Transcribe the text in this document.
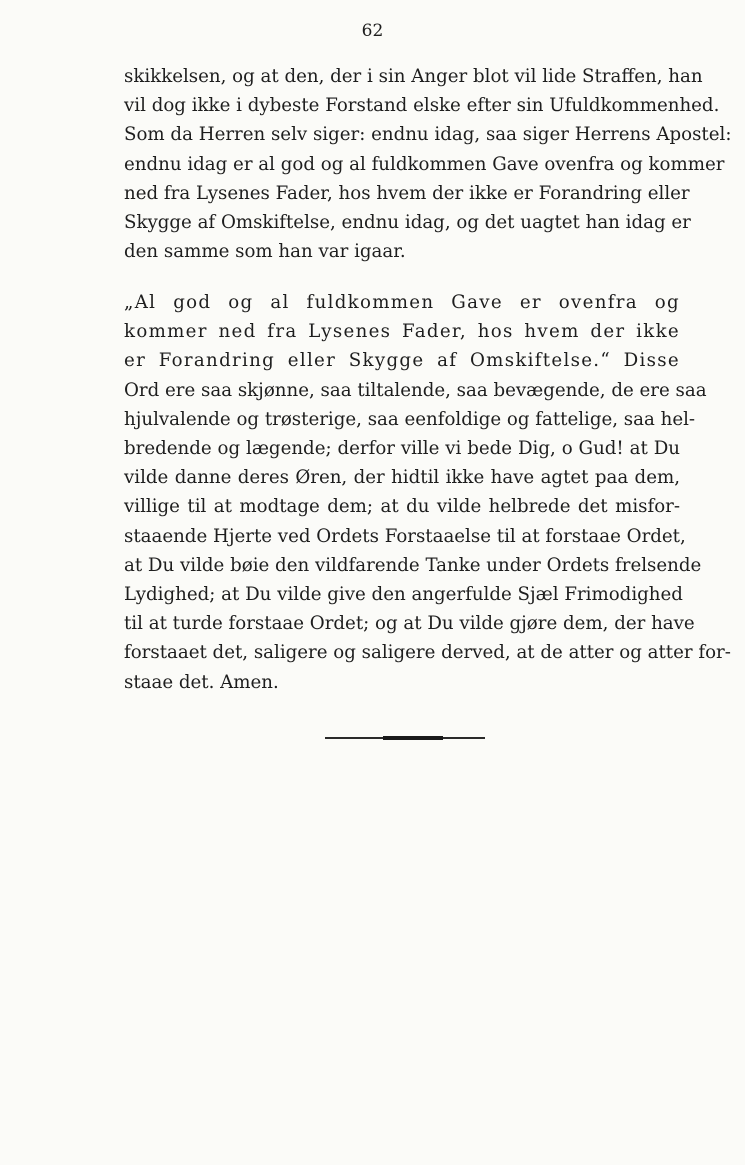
62
skikkelsen, og at den, der i sin Anger blot vil lide Straffen, han
vil dog ikke i dybeste Forstand elske efter sin Ufuldkommenhed.
Som da Herren selv siger: endnu idag, saa siger Herrens Apostel:
endnu idag er al god og al fuldkommen Gave ovenfra og kommer
ned fra Lysenes Fader, hos hvem der ikke er Forandring eller
Skygge af Omskiftelse, endnu idag, og det uagtet han idag er
den samme som han var igaar.
„Al god og al fuldkommen Gave er ovenfra og
kommer ned fra Lysenes Fader, hos hvem der ikke
er Forandring eller Skygge af Omskiftelse.“ Disse
Ord ere saa skjønne, saa tiltalende, saa bevægende, de ere saa
hjulvalende og trøsterige, saa eenfoldige og fattelige, saa hel-
bredende og lægende; derfor ville vi bede Dig, o Gud! at Du
vilde danne deres Øren, der hidtil ikke have agtet paa dem,
villige til at modtage dem; at du vilde helbrede det misfor-
staaende Hjerte ved Ordets Forstaaelse til at forstaae Ordet,
at Du vilde bøie den vildfarende Tanke under Ordets frelsende
Lydighed; at Du vilde give den angerfulde Sjæl Frimodighed
til at turde forstaae Ordet; og at Du vilde gjøre dem, der have
forstaaet det, saligere og saligere derved, at de atter og atter for-
staae det. Amen.
